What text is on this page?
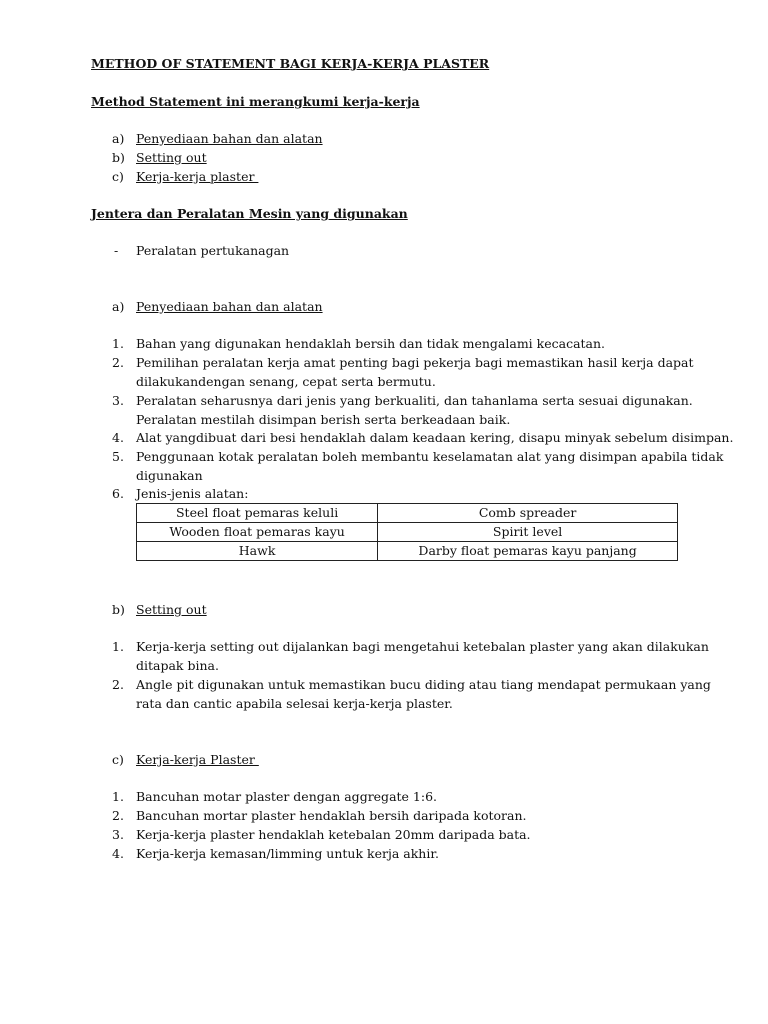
METHOD OF STATEMENT BAGI KERJA-KERJA PLASTER
Method Statement ini merangkumi kerja-kerja
a) Penyediaan bahan dan alatan
b) Setting out
c) Kerja-kerja plaster
Jentera dan Peralatan Mesin yang digunakan
- Peralatan pertukanagan
a) Penyediaan bahan dan alatan
1. Bahan yang digunakan hendaklah bersih dan tidak mengalami kecacatan.
2. Pemilihan peralatan kerja amat penting bagi pekerja bagi memastikan hasil kerja dapat
dilakukandengan senang, cepat serta bermutu.
3. Peralatan seharusnya dari jenis yang berkualiti, dan tahanlama serta sesuai digunakan.
Peralatan mestilah disimpan berish serta berkeadaan baik.
4. Alat yangdibuat dari besi hendaklah dalam keadaan kering, disapu minyak sebelum disimpan.
5. Penggunaan kotak peralatan boleh membantu keselamatan alat yang disimpan apabila tidak
digunakan
6. Jenis-jenis alatan:
Steel float pemaras keluli	Comb spreader
Wooden float pemaras kayu	Spirit level
Hawk	Darby float pemaras kayu panjang
b) Setting out
1. Kerja-kerja setting out dijalankan bagi mengetahui ketebalan plaster yang akan dilakukan
ditapak bina.
2. Angle pit digunakan untuk memastikan bucu diding atau tiang mendapat permukaan yang
rata dan cantic apabila selesai kerja-kerja plaster.
c) Kerja-kerja Plaster
1. Bancuhan motar plaster dengan aggregate 1:6.
2. Bancuhan mortar plaster hendaklah bersih daripada kotoran.
3. Kerja-kerja plaster hendaklah ketebalan 20mm daripada bata.
4. Kerja-kerja kemasan/limming untuk kerja akhir.
